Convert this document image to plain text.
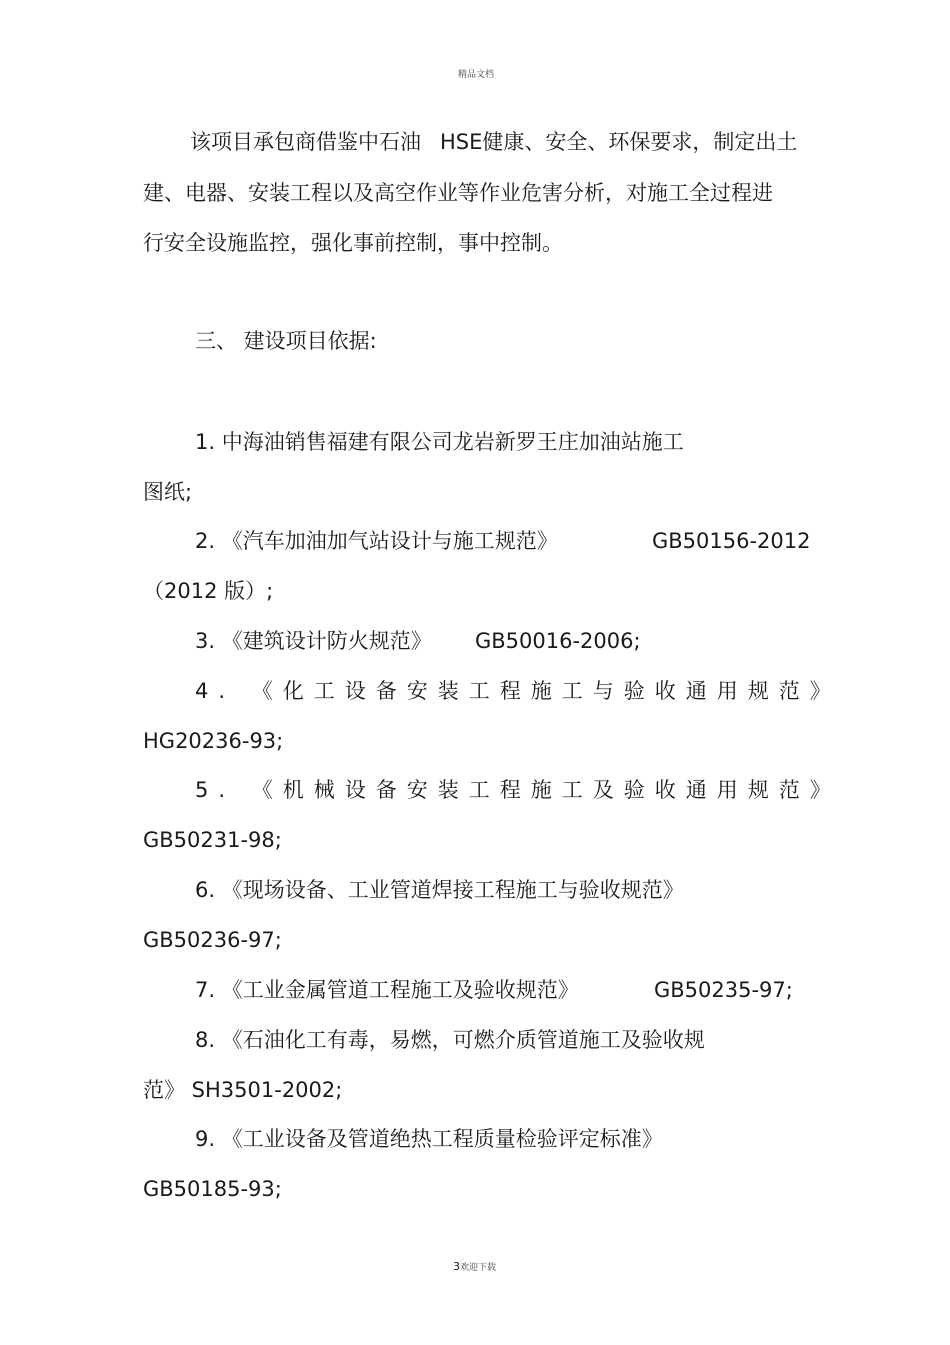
精品文档
该项目承包商借鉴中石油 HSE健康、安全、环保要求，制定出土
建、电器、安装工程以及高空作业等作业危害分析，对施工全过程进
行安全设施监控，强化事前控制，事中控制。
三、 建设项目依据:
1. 中海油销售福建有限公司龙岩新罗王庄加油站施工
图纸;
2. 《汽车加油加气站设计与施工规范》	GB50156-2012
（2012 版）;
3. 《建筑设计防火规范》 GB50016-2006;
4. 《化工设备安装工程施工与验收通用规范》
HG20236-93;
5. 《机械设备安装工程施工及验收通用规范》
GB50231-98;
6. 《现场设备、工业管道焊接工程施工与验收规范》
GB50236-97;
7. 《工业金属管道工程施工及验收规范》	GB50235-97;
8. 《石油化工有毒，易燃，可燃介质管道施工及验收规
范》 SH3501-2002;
9. 《工业设备及管道绝热工程质量检验评定标准》
GB50185-93;
3欢迎下载
